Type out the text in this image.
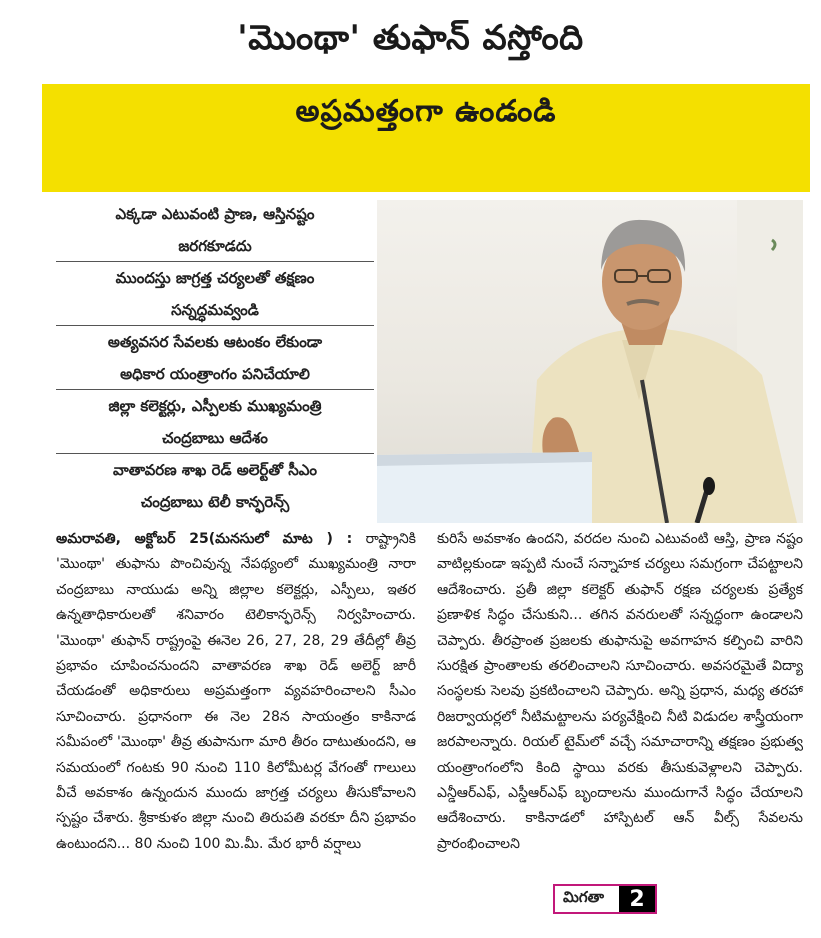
'మొంథా' తుఫాన్ వస్తోంది
అప్రమత్తంగా ఉండండి
ఎక్కడా ఎటువంటి ప్రాణ, ఆస్తినష్టం
జరగకూడదు
ముందస్తు జాగ్రత్త చర్యలతో తక్షణం
సన్నద్ధమవ్వండి
అత్యవసర సేవలకు ఆటంకం లేకుండా
అధికార యంత్రాంగం పనిచేయాలి
జిల్లా కలెక్టర్లు, ఎస్పీలకు ముఖ్యమంత్రి
చంద్రబాబు ఆదేశం
వాతావరణ శాఖ రెడ్ అలెర్ట్‌తో సీఎం
చంద్రబాబు టెలీ కాన్ఫరెన్స్

అమరావతి, అక్టోబర్ 25(మనసులో మాట ) : రాష్ట్రానికి 'మొంథా' తుఫాను పొంచివున్న నేపథ్యంలో ముఖ్యమంత్రి నారా చంద్రబాబు నాయుడు అన్ని జిల్లాల కలెక్టర్లు, ఎస్పీలు, ఇతర ఉన్నతాధికారులతో శనివారం టెలికాన్ఫరెన్స్ నిర్వహించారు. 'మొంథా' తుఫాన్ రాష్ట్రంపై ఈనెల 26, 27, 28, 29 తేదీల్లో తీవ్ర ప్రభావం చూపించనుందని వాతావరణ శాఖ రెడ్ అలెర్ట్ జారీ చేయడంతో అధికారులు అప్రమత్తంగా వ్యవహరించాలని సీఎం సూచించారు. ప్రధానంగా ఈ నెల 28న సాయంత్రం కాకినాడ సమీపంలో 'మొంథా' తీవ్ర తుపానుగా మారి తీరం దాటుతుందని, ఆ సమయంలో గంటకు 90 నుంచి 110 కిలోమీటర్ల వేగంతో గాలులు వీచే అవకాశం ఉన్నందున ముందు జాగ్రత్త చర్యలు తీసుకోవాలని స్పష్టం చేశారు. శ్రీకాకుళం జిల్లా నుంచి తిరుపతి వరకూ దీని ప్రభావం ఉంటుందని... 80 నుంచి 100 మి.మీ. మేర భారీ వర్షాలు

కురిసే అవకాశం ఉందని, వరదల నుంచి ఎటువంటి ఆస్తి, ప్రాణ నష్టం వాటిల్లకుండా ఇప్పటి నుంచే సన్నాహక చర్యలు సమగ్రంగా చేపట్టాలని ఆదేశించారు. ప్రతీ జిల్లా కలెక్టర్ తుఫాన్ రక్షణ చర్యలకు ప్రత్యేక ప్రణాళిక సిద్ధం చేసుకుని... తగిన వనరులతో సన్నద్ధంగా ఉండాలని చెప్పారు. తీరప్రాంత ప్రజలకు తుఫానుపై అవగాహన కల్పించి వారిని సురక్షిత ప్రాంతాలకు తరలించాలని సూచించారు. అవసరమైతే విద్యా సంస్థలకు సెలవు ప్రకటించాలని చెప్పారు. అన్ని ప్రధాన, మధ్య తరహా రిజర్వాయర్లలో నీటిమట్టాలను పర్యవేక్షించి నీటి విడుదల శాస్త్రీయంగా జరపాలన్నారు. రియల్ టైమ్‌లో వచ్చే సమాచారాన్ని తక్షణం ప్రభుత్వ యంత్రాంగంలోని కింది స్థాయి వరకు తీసుకువెళ్లాలని చెప్పారు. ఎన్డీఆర్ఎఫ్, ఎస్డీఆర్ఎఫ్ బృందాలను ముందుగానే సిద్ధం చేయాలని ఆదేశించారు. కాకినాడలో హాస్పిటల్ ఆన్ వీల్స్ సేవలను ప్రారంభించాలని

మిగతా	2
